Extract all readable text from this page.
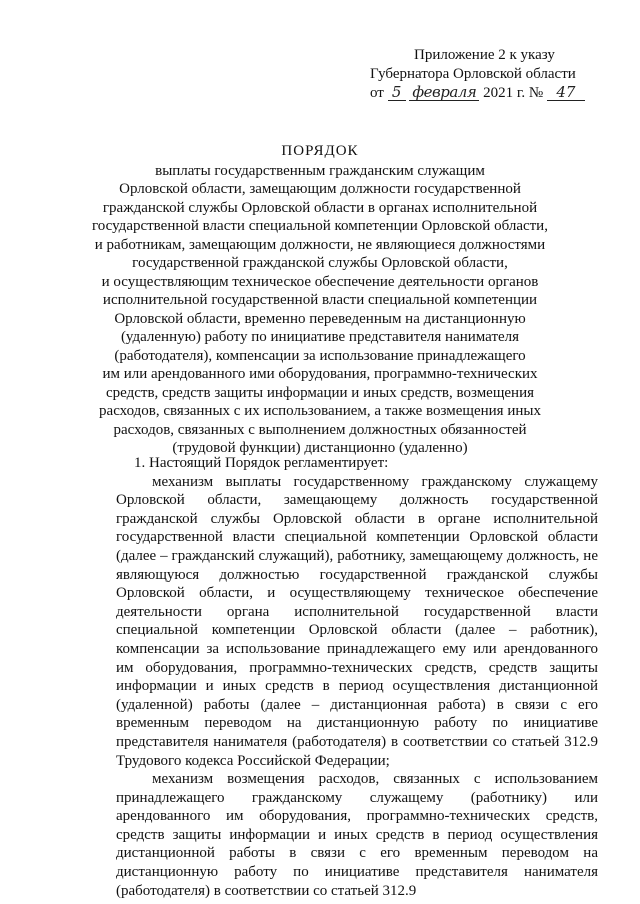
Приложение 2 к указу
Губернатора Орловской области
от 5 февраля 2021 г. № 47
ПОРЯДОК
выплаты государственным гражданским служащим
Орловской области, замещающим должности государственной
гражданской службы Орловской области в органах исполнительной
государственной власти специальной компетенции Орловской области,
и работникам, замещающим должности, не являющиеся должностями
государственной гражданской службы Орловской области,
и осуществляющим техническое обеспечение деятельности органов
исполнительной государственной власти специальной компетенции
Орловской области, временно переведенным на дистанционную
(удаленную) работу по инициативе представителя нанимателя
(работодателя), компенсации за использование принадлежащего
им или арендованного ими оборудования, программно-технических
средств, средств защиты информации и иных средств, возмещения
расходов, связанных с их использованием, а также возмещения иных
расходов, связанных с выполнением должностных обязанностей
(трудовой функции) дистанционно (удаленно)
1. Настоящий Порядок регламентирует:
механизм выплаты государственному гражданскому служащему Орловской области, замещающему должность государственной гражданской службы Орловской области в органе исполнительной государственной власти специальной компетенции Орловской области (далее – гражданский служащий), работнику, замещающему должность, не являющуюся должностью государственной гражданской службы Орловской области, и осуществляющему техническое обеспечение деятельности органа исполнительной государственной власти специальной компетенции Орловской области (далее – работник), компенсации за использование принадлежащего ему или арендованного им оборудования, программно-технических средств, средств защиты информации и иных средств в период осуществления дистанционной (удаленной) работы (далее – дистанционная работа) в связи с его временным переводом на дистанционную работу по инициативе представителя нанимателя (работодателя) в соответствии со статьей 312.9 Трудового кодекса Российской Федерации;
механизм возмещения расходов, связанных с использованием принадлежащего гражданскому служащему (работнику) или арендованного им оборудования, программно-технических средств, средств защиты информации и иных средств в период осуществления дистанционной работы в связи с его временным переводом на дистанционную работу по инициативе представителя нанимателя (работодателя) в соответствии со статьей 312.9
